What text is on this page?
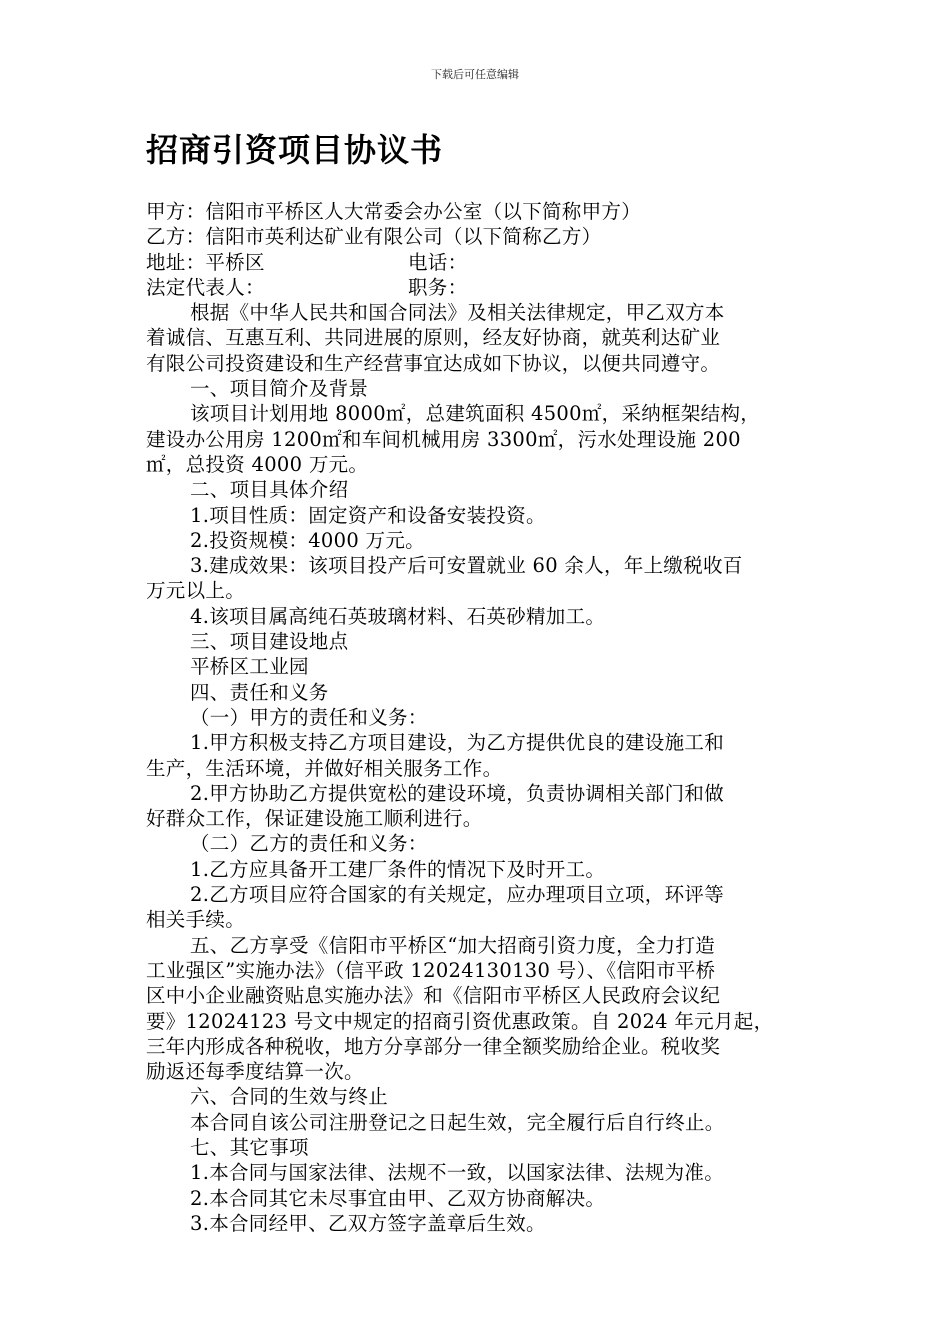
下载后可任意编辑
招商引资项目协议书
甲方：信阳市平桥区人大常委会办公室（以下简称甲方）
乙方：信阳市英利达矿业有限公司（以下简称乙方）
地址：平桥区	电话：
法定代表人：	职务：
根据《中华人民共和国合同法》及相关法律规定，甲乙双方本
着诚信、互惠互利、共同进展的原则，经友好协商，就英利达矿业
有限公司投资建设和生产经营事宜达成如下协议，以便共同遵守。
一、项目简介及背景
该项目计划用地 8000㎡，总建筑面积 4500㎡，采纳框架结构，
建设办公用房 1200㎡和车间机械用房 3300㎡，污水处理设施 200
㎡，总投资 4000 万元。
二、项目具体介绍
1.项目性质：固定资产和设备安装投资。
2.投资规模：4000 万元。
3.建成效果：该项目投产后可安置就业 60 余人，年上缴税收百
万元以上。
4.该项目属高纯石英玻璃材料、石英砂精加工。
三、项目建设地点
平桥区工业园
四、责任和义务
（一）甲方的责任和义务：
1.甲方积极支持乙方项目建设，为乙方提供优良的建设施工和
生产，生活环境，并做好相关服务工作。
2.甲方协助乙方提供宽松的建设环境，负责协调相关部门和做
好群众工作，保证建设施工顺利进行。
（二）乙方的责任和义务：
1.乙方应具备开工建厂条件的情况下及时开工。
2.乙方项目应符合国家的有关规定，应办理项目立项，环评等
相关手续。
五、乙方享受《信阳市平桥区“加大招商引资力度，全力打造
工业强区”实施办法》（信平政 12024130130 号）、《信阳市平桥
区中小企业融资贴息实施办法》和《信阳市平桥区人民政府会议纪
要》12024123 号文中规定的招商引资优惠政策。自 2024 年元月起，
三年内形成各种税收，地方分享部分一律全额奖励给企业。税收奖
励返还每季度结算一次。
六、合同的生效与终止
本合同自该公司注册登记之日起生效，完全履行后自行终止。
七、其它事项
1.本合同与国家法律、法规不一致，以国家法律、法规为准。
2.本合同其它未尽事宜由甲、乙双方协商解决。
3.本合同经甲、乙双方签字盖章后生效。
